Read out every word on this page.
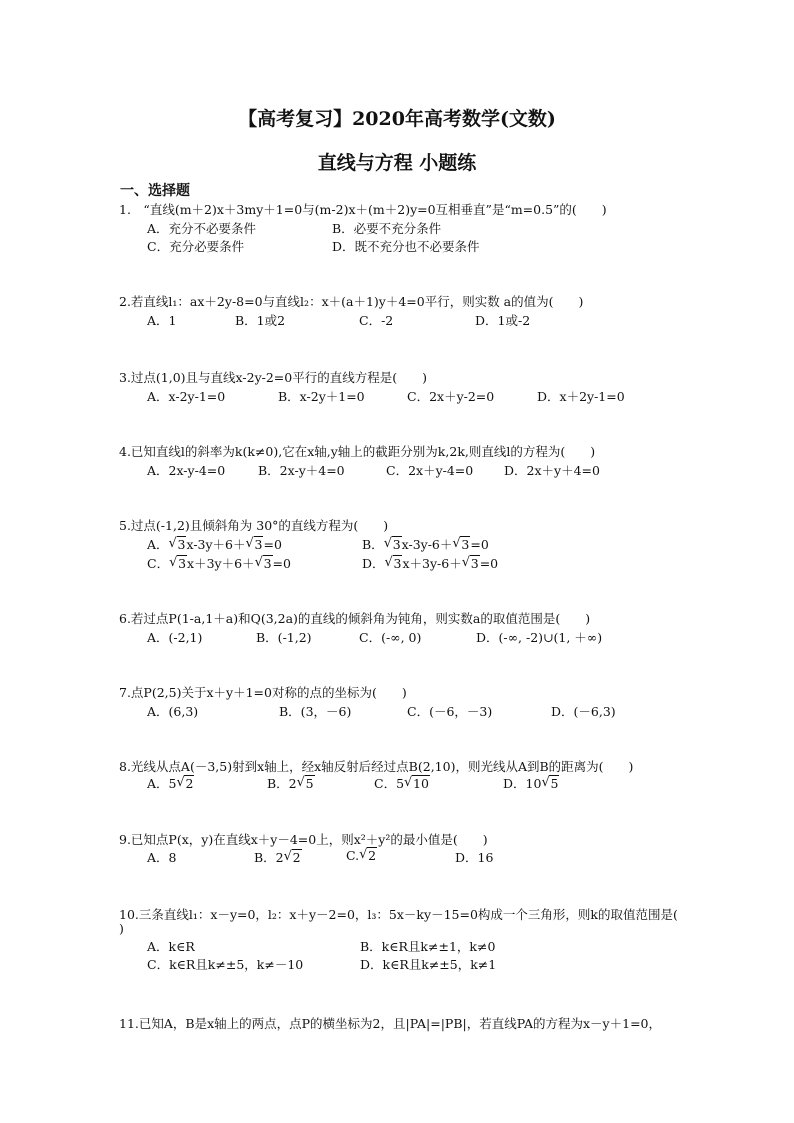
【高考复习】2020年高考数学(文数)
直线与方程 小题练
一、选择题
1.　“直线(m＋2)x＋3my＋1=0与(m-2)x＋(m＋2)y=0互相垂直”是“m=0.5”的(　　)
A．充分不必要条件	B．必要不充分条件
C．充分必要条件	D．既不充分也不必要条件
2.若直线l₁：ax＋2y-8=0与直线l₂：x＋(a＋1)y＋4=0平行，则实数 a的值为(　　)
A．1	B．1或2	C．-2	D．1或-2
3.过点(1,0)且与直线x-2y-2=0平行的直线方程是(　　)
A．x-2y-1=0	B．x-2y＋1=0	C．2x＋y-2=0	D．x＋2y-1=0
4.已知直线l的斜率为k(k≠0),它在x轴,y轴上的截距分别为k,2k,则直线l的方程为(　　)
A．2x-y-4=0	B．2x-y＋4=0	C．2x＋y-4=0 D．2x＋y＋4=0
5.过点(-1,2)且倾斜角为 30°的直线方程为(　　)
A． √ 3x-3y＋6＋ √ 3=0	B． √ 3x-3y-6＋ √ 3=0
C． √ 3x＋3y＋6＋ √ 3=0	D． √ 3x＋3y-6＋ √ 3=0
6.若过点P(1-a,1＋a)和Q(3,2a)的直线的倾斜角为钝角，则实数a的取值范围是(　　)
A．(-2,1)	B．(-1,2)	C．(-∞, 0)	D．(-∞, -2)∪(1, ＋∞)
7.点P(2,5)关于x＋y＋1=0对称的点的坐标为(　　)
A．(6,3)	B．(3，－6)	C．(－6，－3)	D．(－6,3)
8.光线从点A(－3,5)射到x轴上，经x轴反射后经过点B(2,10)，则光线从A到B的距离为(　　)
A．5 √ 2	B．2 √ 5	C．5 √ 10	D．10 √ 5
9.已知点P(x，y)在直线x＋y－4=0上，则x²＋y²的最小值是(　　)
A．8	B．2 √ 2	C. √ 2	D．16
10.三条直线l₁：x－y=0，l₂：x＋y－2=0，l₃：5x－ky－15=0构成一个三角形，则k的取值范围是(
)
A．k∈R	B．k∈R且k≠±1，k≠0
C．k∈R且k≠±5，k≠－10	D．k∈R且k≠±5，k≠1
11.已知A，B是x轴上的两点，点P的横坐标为2，且|PA|=|PB|，若直线PA的方程为x－y＋1=0，
